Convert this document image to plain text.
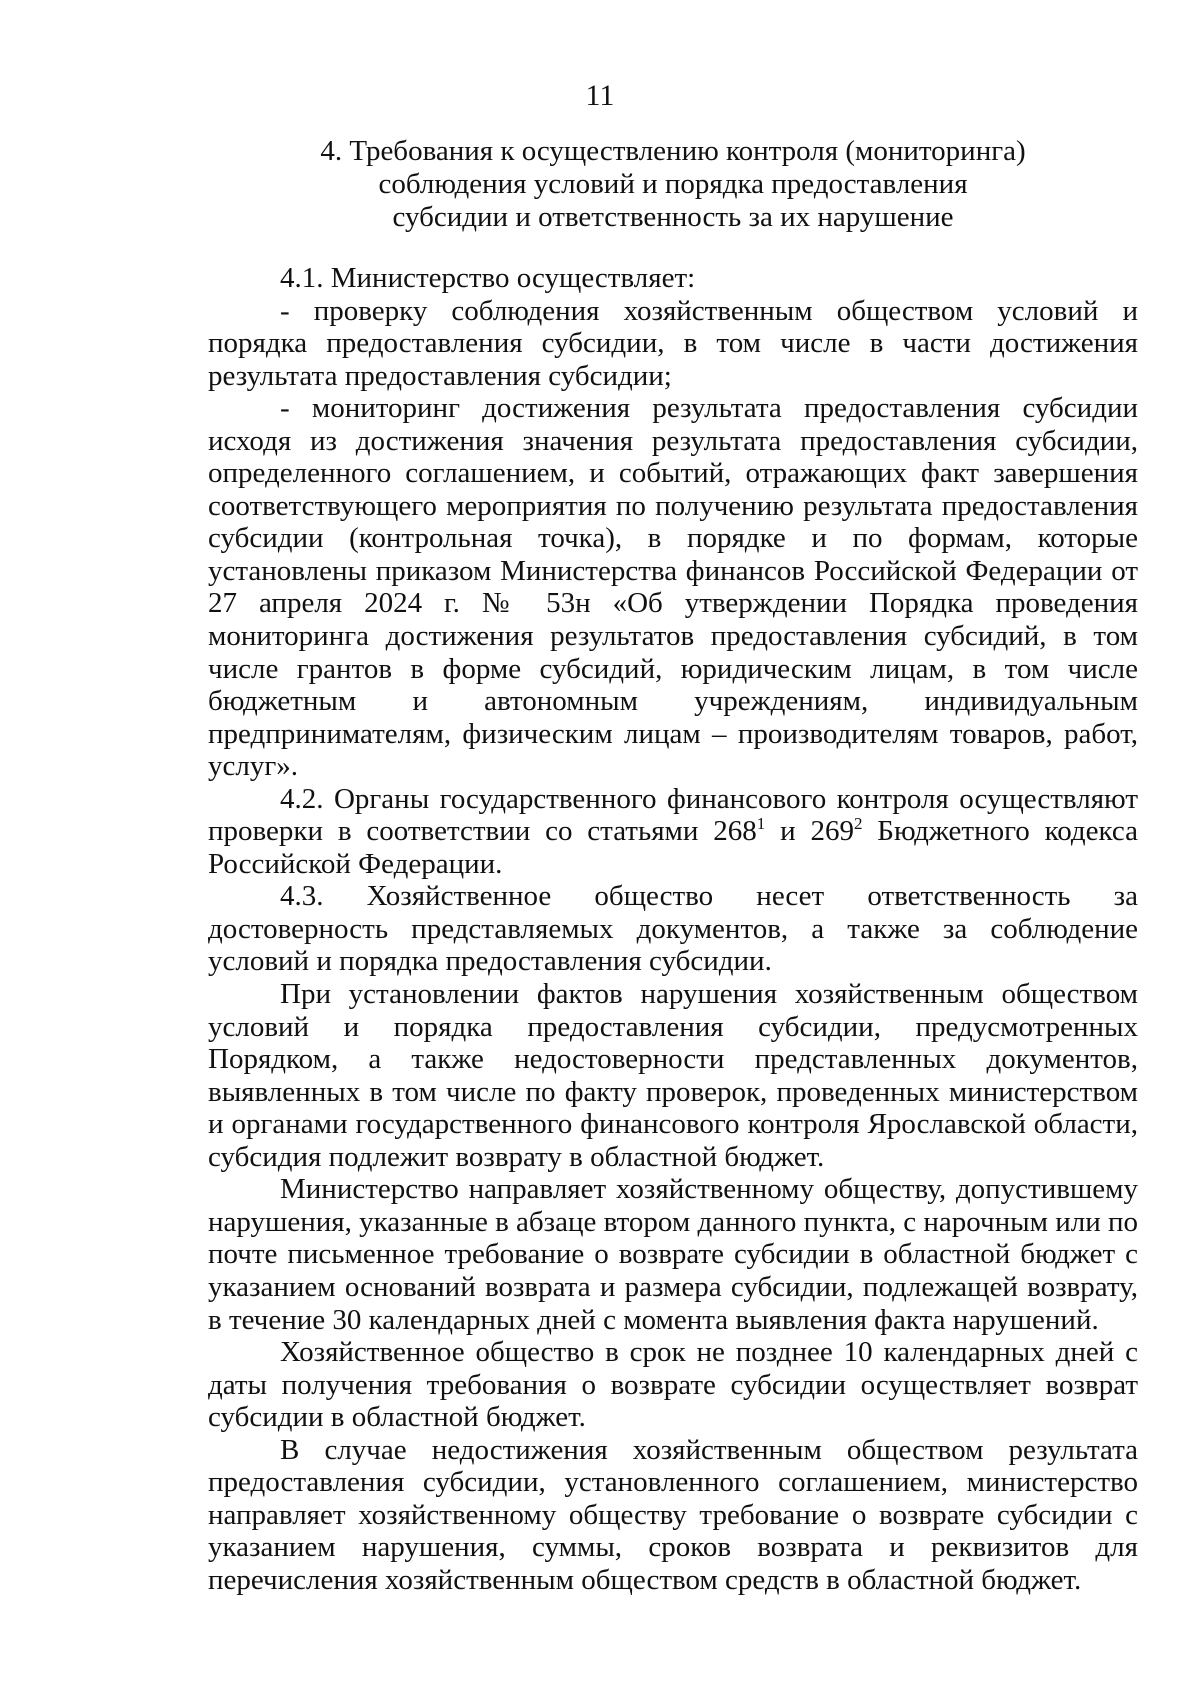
11
4. Требования к осуществлению контроля (мониторинга)
соблюдения условий и порядка предоставления
субсидии и ответственность за их нарушение

4.1. Министерство осуществляет:

- проверку соблюдения хозяйственным обществом условий и порядка предоставления субсидии, в том числе в части достижения результата предоставления субсидии;

- мониторинг достижения результата предоставления субсидии исходя из достижения значения результата предоставления субсидии, определенного соглашением, и событий, отражающих факт завершения соответствующего мероприятия по получению результата предоставления субсидии (контрольная точка), в порядке и по формам, которые установлены приказом Министерства финансов Российской Федерации от 27 апреля 2024 г. № 53н «Об утверждении Порядка проведения мониторинга достижения результатов предоставления субсидий, в том числе грантов в форме субсидий, юридическим лицам, в том числе бюджетным и автономным учреждениям, индивидуальным предпринимателям, физическим лицам – производителям товаров, работ, услуг».

4.2. Органы государственного финансового контроля осуществляют проверки в соответствии со статьями $268^1$ и $269^2$ Бюджетного кодекса Российской Федерации.

4.3. Хозяйственное общество несет ответственность за достоверность представляемых документов, а также за соблюдение условий и порядка предоставления субсидии.

При установлении фактов нарушения хозяйственным обществом условий и порядка предоставления субсидии, предусмотренных Порядком, а также недостоверности представленных документов, выявленных в том числе по факту проверок, проведенных министерством и органами государственного финансового контроля Ярославской области, субсидия подлежит возврату в областной бюджет.

Министерство направляет хозяйственному обществу, допустившему нарушения, указанные в абзаце втором данного пункта, с нарочным или по почте письменное требование о возврате субсидии в областной бюджет с указанием оснований возврата и размера субсидии, подлежащей возврату, в течение 30 календарных дней с момента выявления факта нарушений.

Хозяйственное общество в срок не позднее 10 календарных дней с даты получения требования о возврате субсидии осуществляет возврат субсидии в областной бюджет.

В случае недостижения хозяйственным обществом результата предоставления субсидии, установленного соглашением, министерство направляет хозяйственному обществу требование о возврате субсидии с указанием нарушения, суммы, сроков возврата и реквизитов для перечисления хозяйственным обществом средств в областной бюджет.
